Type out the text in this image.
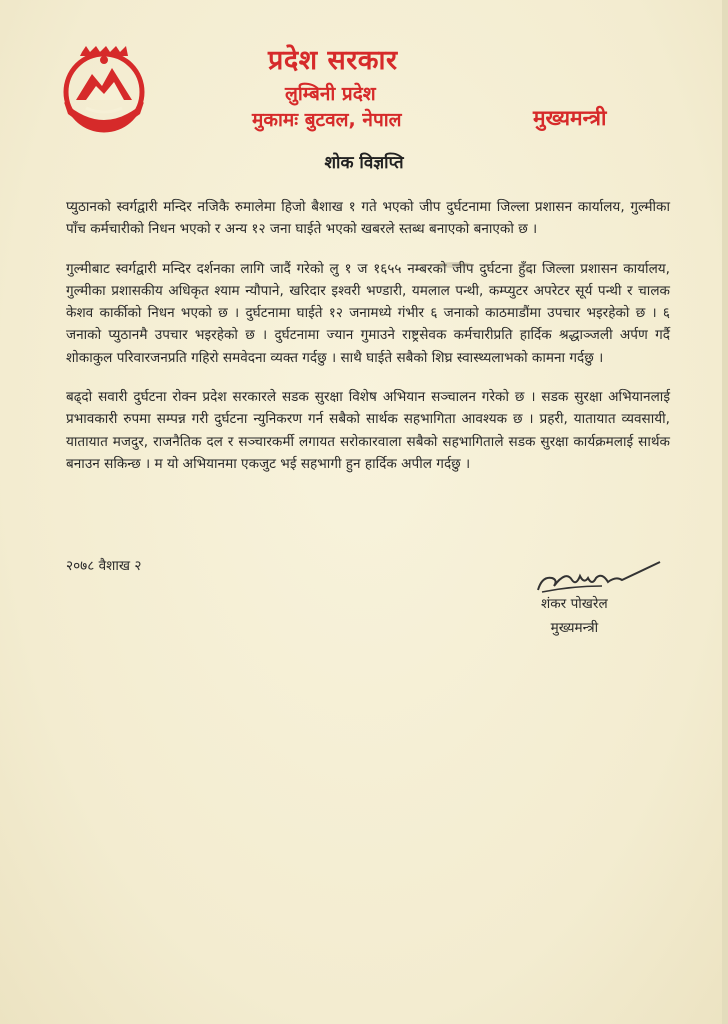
प्रदेश सरकार
लुम्बिनी प्रदेश
मुकामः बुटवल, नेपाल	मुख्यमन्त्री
शोक विज्ञप्ति

प्युठानको स्वर्गद्वारी मन्दिर नजिकै रुमालेमा हिजो बैशाख १ गते भएको जीप दुर्घटनामा जिल्ला प्रशासन कार्यालय, गुल्मीका पाँच कर्मचारीको निधन भएको र अन्य १२ जना घाईते भएको खबरले स्तब्ध बनाएको बनाएको छ ।

गुल्मीबाट स्वर्गद्वारी मन्दिर दर्शनका लागि जादैं गरेको लु १ ज १६५५ नम्बरको जीप दुर्घटना हुँदा जिल्ला प्रशासन कार्यालय, गुल्मीका प्रशासकीय अधिकृत श्याम न्यौपाने, खरिदार इश्वरी भण्डारी, यमलाल पन्थी, कम्प्युटर अपरेटर सूर्य पन्थी र चालक केशव कार्कीको निधन भएको छ । दुर्घटनामा घाईते १२ जनामध्ये गंभीर ६ जनाको काठमाडौंमा उपचार भइरहेको छ । ६ जनाको प्युठानमै उपचार भइरहेको छ । दुर्घटनामा ज्यान गुमाउने राष्ट्रसेवक कर्मचारीप्रति हार्दिक श्रद्धाञ्जली अर्पण गर्दै शोकाकुल परिवारजनप्रति गहिरो समवेदना व्यक्त गर्दछु । साथै घाईते सबैको शिघ्र स्वास्थ्यलाभको कामना गर्दछु ।

बढ्दो सवारी दुर्घटना रोक्न प्रदेश सरकारले सडक सुरक्षा विशेष अभियान सञ्चालन गरेको छ । सडक सुरक्षा अभियानलाई प्रभावकारी रुपमा सम्पन्न गरी दुर्घटना न्युनिकरण गर्न सबैको सार्थक सहभागिता आवश्यक छ । प्रहरी, यातायात व्यवसायी, यातायात मजदुर, राजनैतिक दल र सञ्चारकर्मी लगायत सरोकारवाला सबैको सहभागिताले सडक सुरक्षा कार्यक्रमलाई सार्थक बनाउन सकिन्छ । म यो अभियानमा एकजुट भई सहभागी हुन हार्दिक अपील गर्दछु ।

२०७८ वैशाख २
शंकर पोखरेल
मुख्यमन्त्री
